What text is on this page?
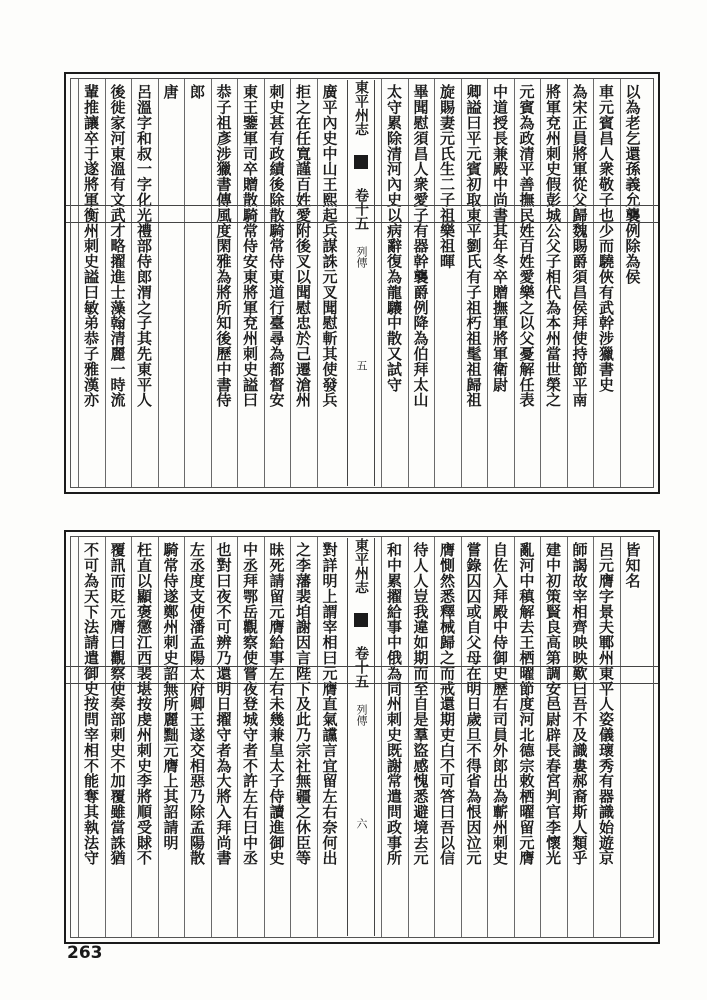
以為老乞還孫義允襲例除為侯
車元賓昌人衆敬子也少而驍俠有武幹涉獵書史
為宋正員將軍從父歸魏賜爵須昌侯拜使持節平南
將軍兗州刺史假彭城公父子相代為本州當世榮之
元賓為政清平善撫民姓百姓愛樂之以父憂解任表
中道授長兼殿中尚書其年冬卒贈撫軍將軍衛尉
卿謚曰平元賓初取東平劉氏有子祖朽祖髦祖歸祖
旋賜妻元氏生二子祖樂祖暉
畢聞慰須昌人衆愛子有器幹襲爵例降為伯拜太山
太守累除清河內史以病辭復為龍驤中散又試守
廣平內史中山王熙起兵謀誅元叉聞慰斬其使發兵
拒之在任寬謹百姓愛附後叉以聞慰忠於己遷滄州
刺史甚有政績後除散騎常侍東道行臺尋為都督安
東王鑒軍司卒贈散騎常侍安東將軍兗州刺史謚曰
恭子祖彥涉獵書傳風度閑雅為將所知後歷中書侍
郎
唐
呂溫字和叔一字化光禮部侍郎渭之子其先東平人
後徙家河東溫有文武才略擢進士藻翰清麗一時流
輩推讓卒于遂將軍衡州刺史謚曰敏弟恭子雅漢亦	東平州志  卷十五 列傳  五
皆知名
呂元膺字景夫鄆州東平人姿儀瓌秀有器識始遊京
師謁故宰相齊映映歎曰吾不及識婁郝裔斯人類乎
建中初策賢良高第調安邑尉辟長春宮判官李懷光
亂河中稹解去王栖曜節度河北德宗敕栖曜留元膺
自佐入拜殿中侍御史歷右司員外郎出為蘄州刺史
嘗錄囚囚或自父母在明日歲旦不得省為恨因泣元
膺惻然悉釋械歸之而戒還期吏白不可答曰吾以信
待人人豈我違如期而至自是羣盜感愧悉避境去元
和中累擢給事中俄為同州刺史既謝常遣問政事所
對詳明上謂宰相曰元膺直氣讜言宜留左右奈何出
之李藩裴垍謝因言陛下及此乃宗社無疆之休臣等
昧死請留元膺給事左右未幾兼皇太子侍讀進御史
中丞拜鄂岳觀察使嘗夜登城守者不許左右曰中丞
也對曰夜不可辨乃還明日擢守者為大將入拜尚書
左丞度支使潘孟陽太府卿王遂交相惡乃除孟陽散
騎常侍遂鄭州刺史詔無所麗黜元膺上其詔請明
枉直以顯褒懲江西裴堪按虔州刺史李將順受賕不
覆訊而貶元膺曰觀察使奏部刺史不加覆雖當誅猶
不可為天下法請遣御史按問宰相不能奪其執法守	東平州志  卷十五 列傳  六
263
